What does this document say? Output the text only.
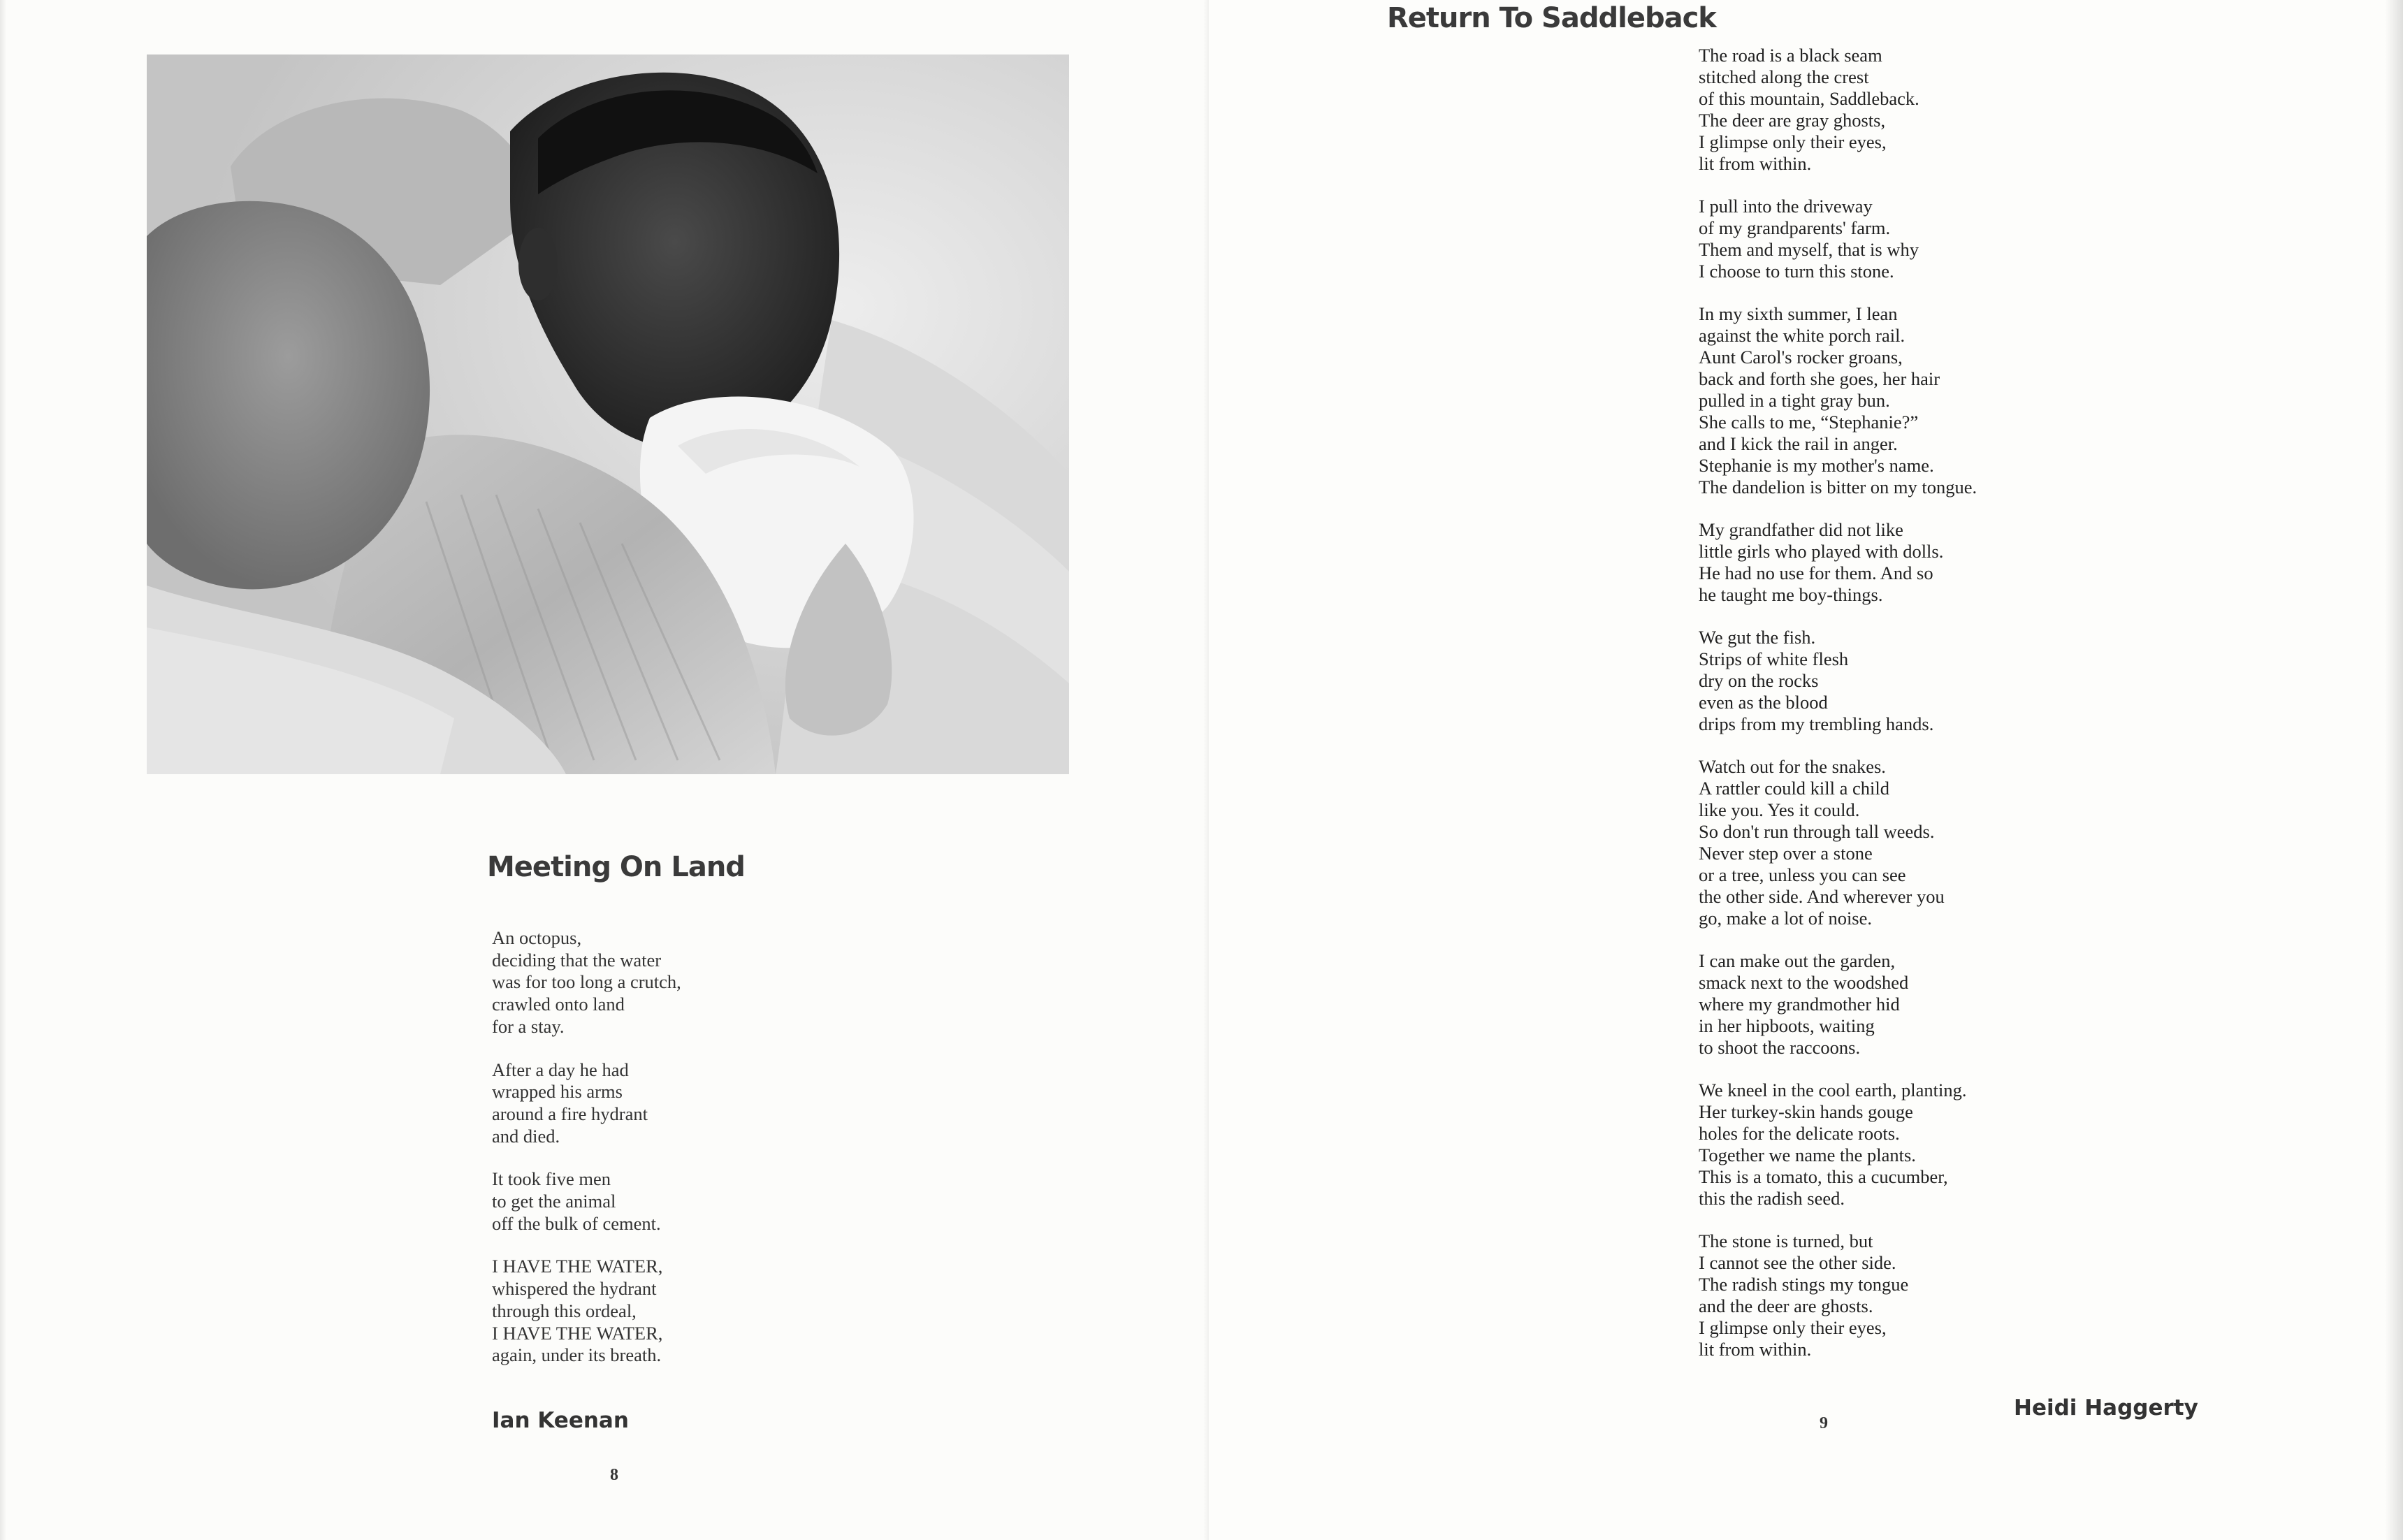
Meeting On Land
An octopus,
deciding that the water
was for too long a crutch,
crawled onto land
for a stay.
After a day he had
wrapped his arms
around a fire hydrant
and died.
It took five men
to get the animal
off the bulk of cement.
I HAVE THE WATER,
whispered the hydrant
through this ordeal,
I HAVE THE WATER,
again, under its breath.

Ian Keenan

8
Return To Saddleback
The road is a black seam
stitched along the crest
of this mountain, Saddleback.
The deer are gray ghosts,
I glimpse only their eyes,
lit from within.
I pull into the driveway
of my grandparents' farm.
Them and myself, that is why
I choose to turn this stone.
In my sixth summer, I lean
against the white porch rail.
Aunt Carol's rocker groans,
back and forth she goes, her hair
pulled in a tight gray bun.
She calls to me, “Stephanie?”
and I kick the rail in anger.
Stephanie is my mother's name.
The dandelion is bitter on my tongue.
My grandfather did not like
little girls who played with dolls.
He had no use for them. And so
he taught me boy-things.
We gut the fish.
Strips of white flesh
dry on the rocks
even as the blood
drips from my trembling hands.
Watch out for the snakes.
A rattler could kill a child
like you. Yes it could.
So don't run through tall weeds.
Never step over a stone
or a tree, unless you can see
the other side. And wherever you
go, make a lot of noise.
I can make out the garden,
smack next to the woodshed
where my grandmother hid
in her hipboots, waiting
to shoot the raccoons.
We kneel in the cool earth, planting.
Her turkey-skin hands gouge
holes for the delicate roots.
Together we name the plants.
This is a tomato, this a cucumber,
this the radish seed.
The stone is turned, but
I cannot see the other side.
The radish stings my tongue
and the deer are ghosts.
I glimpse only their eyes,
lit from within.
9

Heidi Haggerty
